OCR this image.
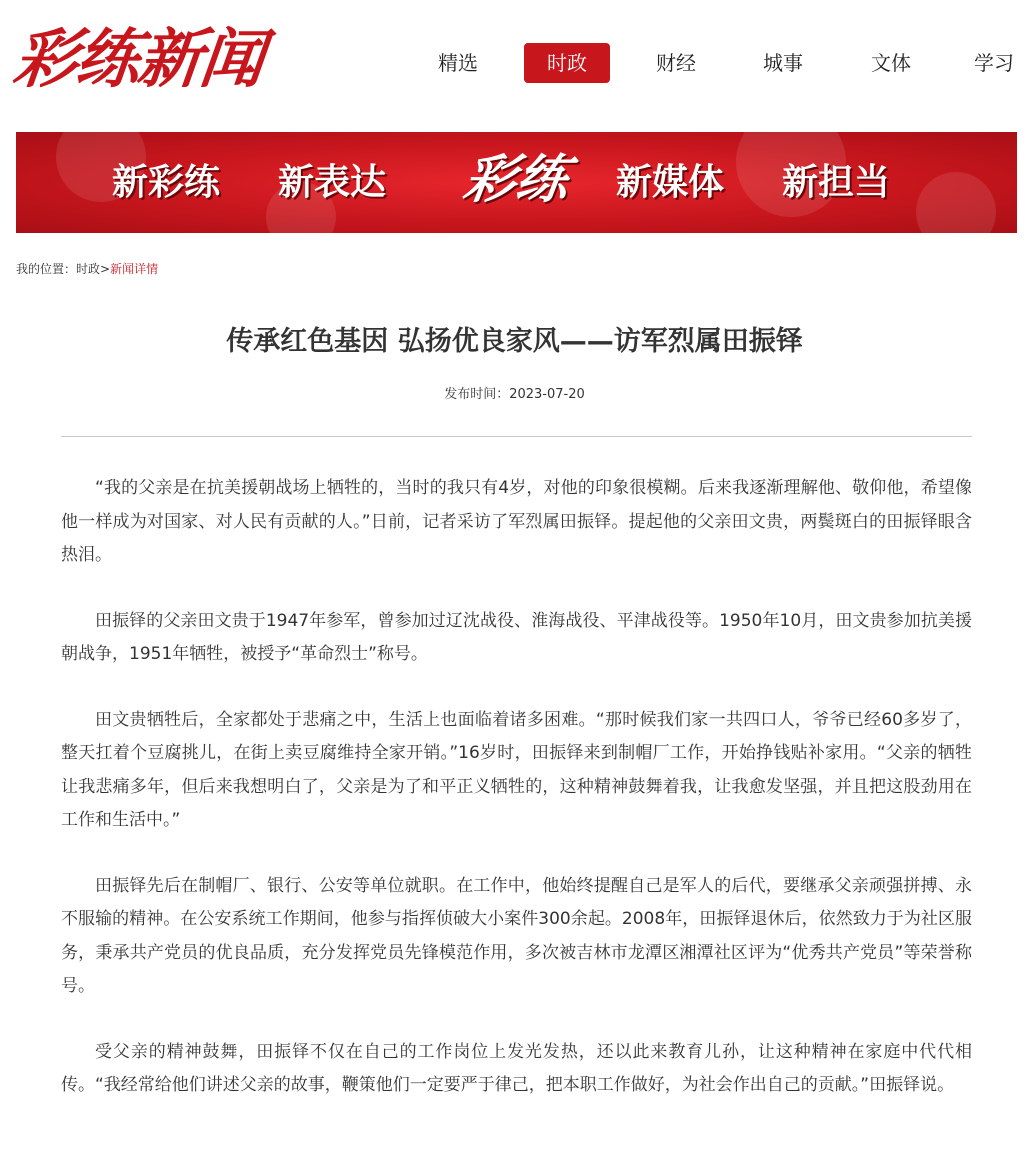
彩练新闻	精选	时政	财经	城事	文体	学习
新彩练 新表达 彩练 新媒体 新担当
我的位置：时政>新闻详情
传承红色基因 弘扬优良家风——访军烈属田振铎
发布时间：2023-07-20

“我的父亲是在抗美援朝战场上牺牲的，当时的我只有4岁，对他的印象很模糊。后来我逐渐理解他、敬仰他，希望像他一样成为对国家、对人民有贡献的人。”日前，记者采访了军烈属田振铎。提起他的父亲田文贵，两鬓斑白的田振铎眼含热泪。

田振铎的父亲田文贵于1947年参军，曾参加过辽沈战役、淮海战役、平津战役等。1950年10月，田文贵参加抗美援朝战争，1951年牺牲，被授予“革命烈士”称号。

田文贵牺牲后，全家都处于悲痛之中，生活上也面临着诸多困难。“那时候我们家一共四口人，爷爷已经60多岁了，整天扛着个豆腐挑儿，在街上卖豆腐维持全家开销。”16岁时，田振铎来到制帽厂工作，开始挣钱贴补家用。“父亲的牺牲让我悲痛多年，但后来我想明白了，父亲是为了和平正义牺牲的，这种精神鼓舞着我，让我愈发坚强，并且把这股劲用在工作和生活中。”

田振铎先后在制帽厂、银行、公安等单位就职。在工作中，他始终提醒自己是军人的后代，要继承父亲顽强拼搏、永不服输的精神。在公安系统工作期间，他参与指挥侦破大小案件300余起。2008年，田振铎退休后，依然致力于为社区服务，秉承共产党员的优良品质，充分发挥党员先锋模范作用，多次被吉林市龙潭区湘潭社区评为“优秀共产党员”等荣誉称号。

受父亲的精神鼓舞，田振铎不仅在自己的工作岗位上发光发热，还以此来教育儿孙，让这种精神在家庭中代代相传。“我经常给他们讲述父亲的故事，鞭策他们一定要严于律己，把本职工作做好，为社会作出自己的贡献。”田振铎说。
